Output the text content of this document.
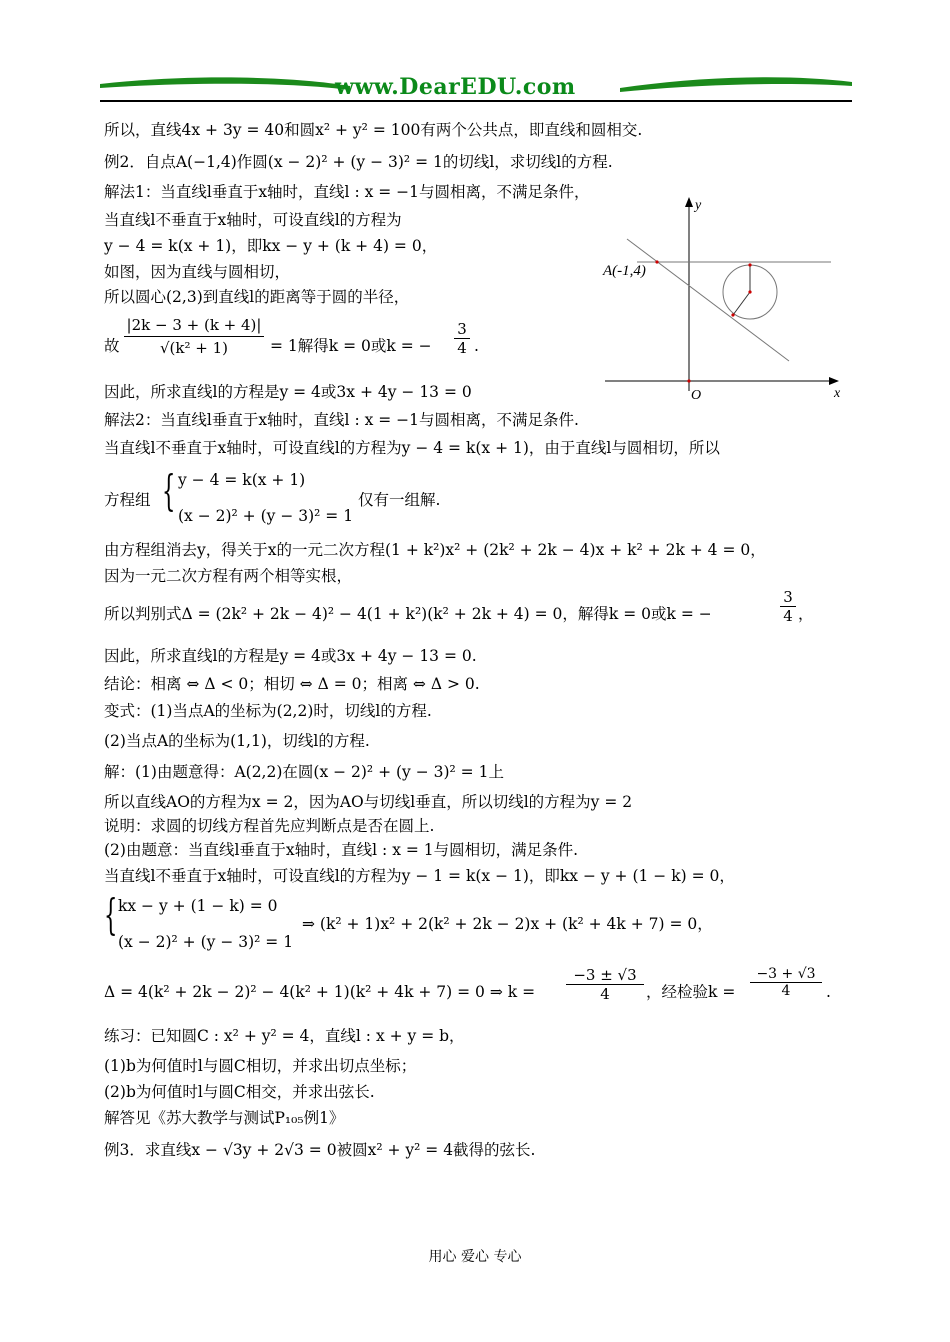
www.DearEDU.com
所以，直线4x + 3y = 40和圆x² + y² = 100有两个公共点，即直线和圆相交.
例2．自点A(−1,4)作圆(x − 2)² + (y − 3)² = 1的切线l，求切线l的方程.
解法1：当直线l垂直于x轴时，直线l : x = −1与圆相离，不满足条件，
当直线l不垂直于x轴时，可设直线l的方程为
y − 4 = k(x + 1)，即kx − y + (k + 4) = 0，
如图，因为直线与圆相切，
所以圆心(2,3)到直线l的距离等于圆的半径，
故 $\frac{|2k - 3 + (k + 4)|}{\text{√(k² + 1)}} = 1$解得k = 0或k = − $\frac{3}{4}$ .
因此，所求直线l的方程是y = 4或3x + 4y − 13 = 0
解法2：当直线l垂直于x轴时，直线l : x = −1与圆相离，不满足条件.
当直线l不垂直于x轴时，可设直线l的方程为y − 4 = k(x + 1)，由于直线l与圆相切，所以
方程组 { y − 4 = k(x + 1)
(x − 2)² + (y − 3)² = 1
仅有一组解.
由方程组消去y，得关于x的一元二次方程(1 + k²)x² + (2k² + 2k − 4)x + k² + 2k + 4 = 0，
因为一元二次方程有两个相等实根，
所以判别式Δ = (2k² + 2k − 4)² − 4(1 + k²)(k² + 2k + 4) = 0，解得k = 0或k = −	$\frac{3}{4}$ ，
因此，所求直线l的方程是y = 4或3x + 4y − 13 = 0.
结论：相离 ⇔ Δ < 0；相切 ⇔ Δ = 0；相离 ⇔ Δ > 0.
变式：(1)当点A的坐标为(2,2)时，切线l的方程.
(2)当点A的坐标为(1,1)，切线l的方程.
解：(1)由题意得：A(2,2)在圆(x − 2)² + (y − 3)² = 1上
所以直线AO的方程为x = 2，因为AO与切线l垂直，所以切线l的方程为y = 2
说明：求圆的切线方程首先应判断点是否在圆上.
(2)由题意：当直线l垂直于x轴时，直线l : x = 1与圆相切，满足条件.
当直线l不垂直于x轴时，可设直线l的方程为y − 1 = k(x − 1)，即kx − y + (1 − k) = 0，
{ kx − y + (1 − k) = 0
(x − 2)² + (y − 3)² = 1
⇒ (k² + 1)x² + 2(k² + 2k − 2)x + (k² + 4k + 7) = 0，
Δ = 4(k² + 2k − 2)² − 4(k² + 1)(k² + 4k + 7) = 0 ⇒ $k = \frac{-3 \pm √3}{4}$ ，经检验$k = \frac{-3 + √3}{4}$ .
练习：已知圆C : x² + y² = 4，直线l : x + y = b，
(1)b为何值时l与圆C相切，并求出切点坐标；
(2)b为何值时l与圆C相交，并求出弦长.
解答见《苏大教学与测试P₁₀₅例1》
例3．求直线x − √3y + 2√3 = 0被圆x² + y² = 4截得的弦长.
A(-1,4)
O	x
y
用心 爱心 专心
